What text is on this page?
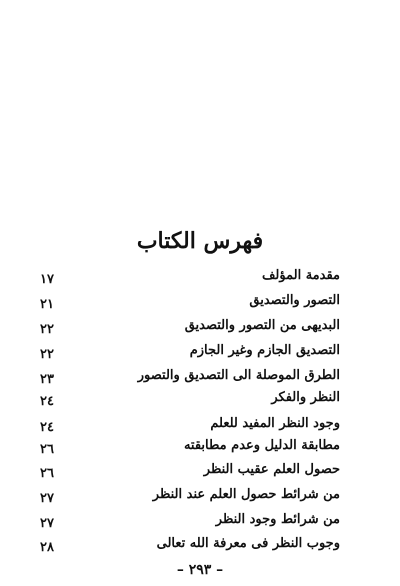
فهرس الكتاب
مقدمة المؤلف
١٧
التصور والتصديق
٢١
البديهى من التصور والتصديق
٢٢
التصديق الجازم وغير الجازم
٢٢
الطرق الموصلة الى التصديق والتصور
٢٣
النظر والفكر
٢٤
وجود النظر المفيد للعلم
٢٤
مطابقة الدليل وعدم مطابقته
٢٦
حصول العلم عقيب النظر
٢٦
من شرائط حصول العلم عند النظر
٢٧
من شرائط وجود النظر
٢٧
وجوب النظر فى معرفة الله تعالى
٢٨
– ٢٩٣ –
